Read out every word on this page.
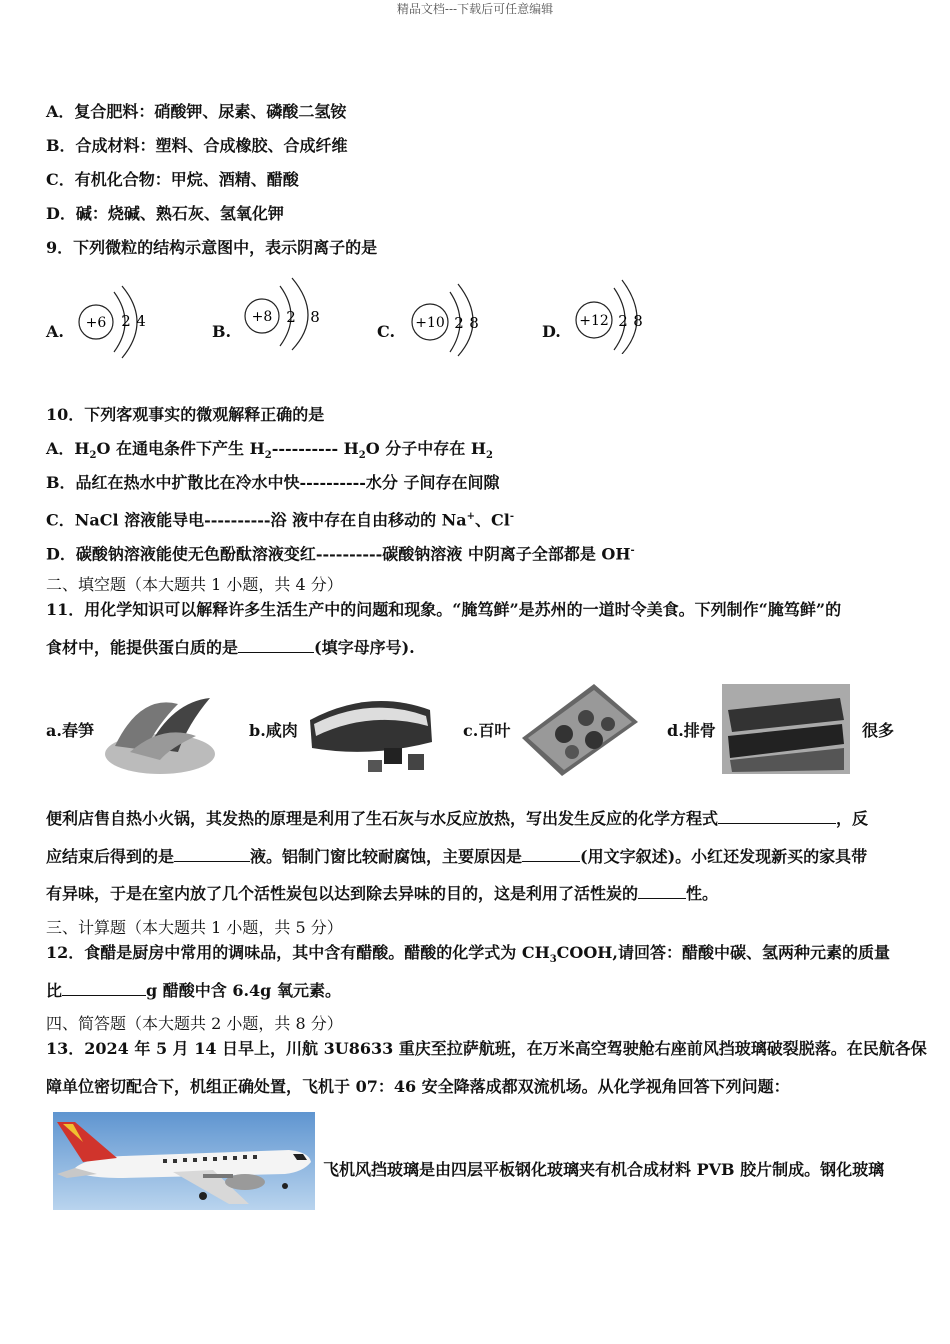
精品文档---下载后可任意编辑
A．复合肥料：硝酸钾、尿素、磷酸二氢铵
B．合成材料：塑料、合成橡胶、合成纤维
C．有机化合物：甲烷、酒精、醋酸
D．碱：烧碱、熟石灰、氢氧化钾
9．下列微粒的结构示意图中，表示阴离子的是
A. +6 2 4
B.
+8 2 8
C. +10 2 8	D.
+12 2 8
10．下列客观事实的微观解释正确的是
A．$H_2O$ 在通电条件下产生 $H_2----------$ $H_2O$ 分子中存在 $H_2$
B．品红在热水中扩散比在冷水中快----------水分 子间存在间隙
C．NaCl 溶液能导电----------浴 液中存在自由移动的 Na+、Cl-
D．碳酸钠溶液能使无色酚酞溶液变红----------碳酸钠溶液 中阴离子全部都是 OH-
二、填空题（本大题共 1 小题，共 4 分）
11．用化学知识可以解释许多生活生产中的问题和现象。“腌笃鲜”是苏州的一道时令美食。下列制作“腌笃鲜”的
食材中，能提供蛋白质的是	(填字母序号).
a.春笋	b.咸肉	c.百叶	d.排骨	很多
便利店售自热小火锅，其发热的原理是利用了生石灰与水反应放热，写出发生反应的化学方程式	，反
应结束后得到的是	液。铝制门窗比较耐腐蚀，主要原因是	(用文字叙述)。小红还发现新买的家具带
有异味，于是在室内放了几个活性炭包以达到除去异味的目的，这是利用了活性炭的	性。
三、计算题（本大题共 1 小题，共 5 分）
12．食醋是厨房中常用的调味品，其中含有醋酸。醋酸的化学式为 $CH_3COOH$,请回答：醋酸中碳、氢两种元素的质量
比	g 醋酸中含 6.4g 氧元素。
四、简答题（本大题共 2 小题，共 8 分）
13．2024 年 5 月 14 日早上，川航 3U8633 重庆至拉萨航班，在万米高空驾驶舱右座前风挡玻璃破裂脱落。在民航各保
障单位密切配合下，机组正确处置，飞机于 07：46 安全降落成都双流机场。从化学视角回答下列问题：
飞机风挡玻璃是由四层平板钢化玻璃夹有机合成材料 PVB 胶片制成。钢化玻璃
